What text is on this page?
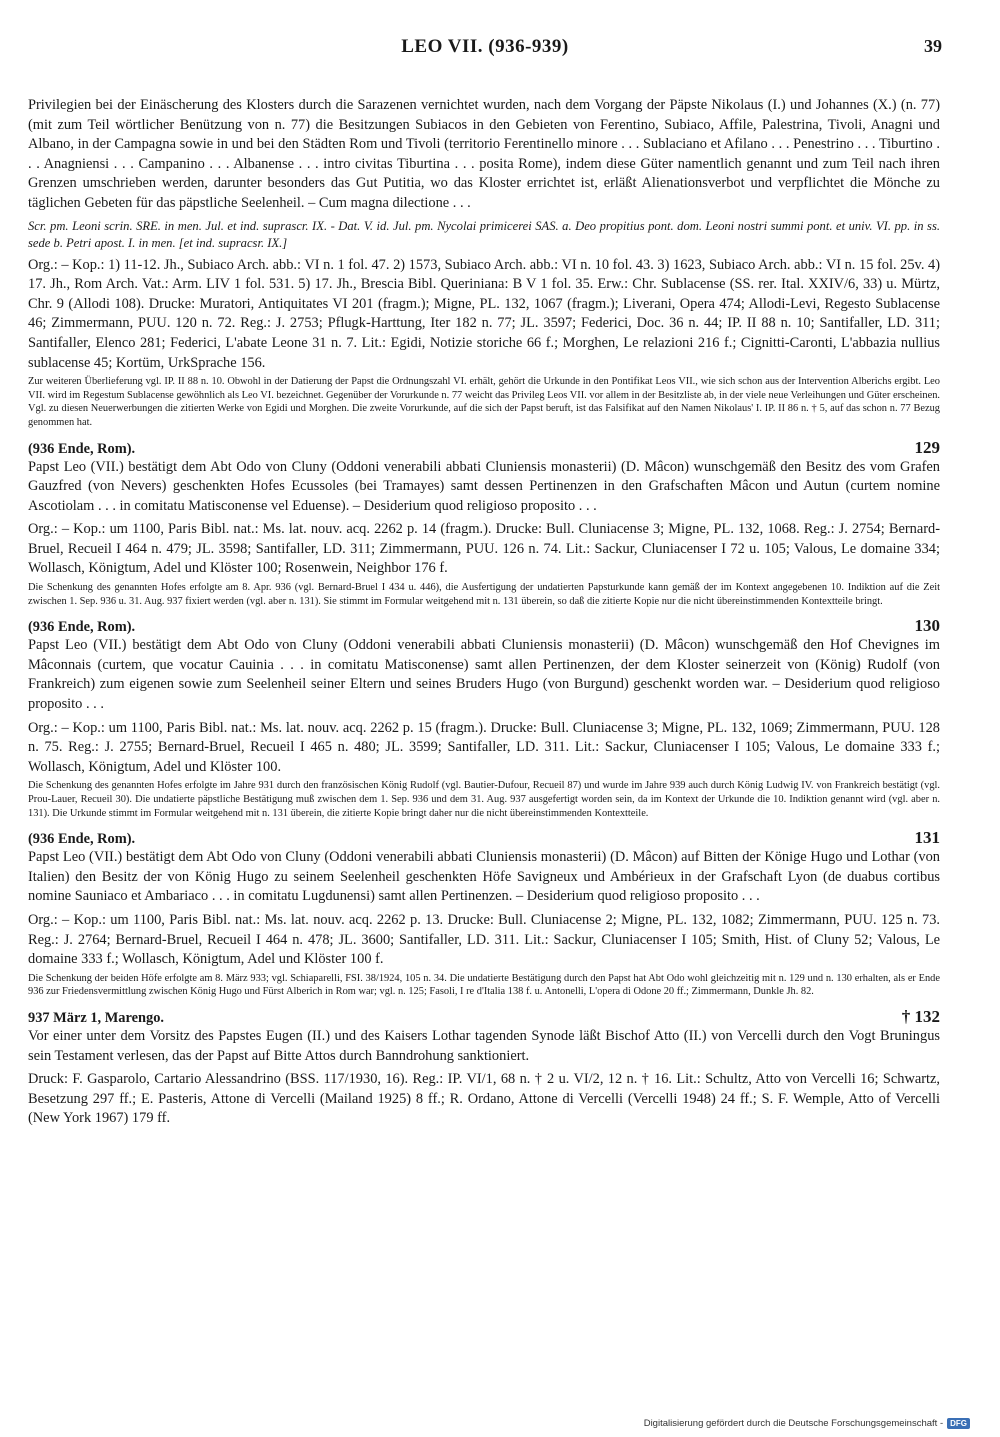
LEO VII. (936-939)	39

Privilegien bei der Einäscherung des Klosters durch die Sarazenen vernichtet wurden, nach dem Vorgang der Päpste Nikolaus (I.) und Johannes (X.) (n. 77) (mit zum Teil wörtlicher Benützung von n. 77) die Besitzungen Subiacos in den Gebieten von Ferentino, Subiaco, Affile, Palestrina, Tivoli, Anagni und Albano, in der Campagna sowie in und bei den Städten Rom und Tivoli (territorio Ferentinello minore . . . Sublaciano et Afilano . . . Penestrino . . . Tiburtino . . . Anagniensi . . . Campanino . . . Albanense . . . intro civitas Tiburtina . . . posita Rome), indem diese Güter namentlich genannt und zum Teil nach ihren Grenzen umschrieben werden, darunter besonders das Gut Putitia, wo das Kloster errichtet ist, erläßt Alienationsverbot und verpflichtet die Mönche zu täglichen Gebeten für das päpstliche Seelenheil. – Cum magna dilectione . . .

Scr. pm. Leoni scrin. SRE. in men. Jul. et ind. suprascr. IX. - Dat. V. id. Jul. pm. Nycolai primicerei SAS. a. Deo propitius pont. dom. Leoni nostri summi pont. et univ. VI. pp. in ss. sede b. Petri apost. I. in men. [et ind. supracsr. IX.]

Org.: – Kop.: 1) 11-12. Jh., Subiaco Arch. abb.: VI n. 1 fol. 47. 2) 1573, Subiaco Arch. abb.: VI n. 10 fol. 43. 3) 1623, Subiaco Arch. abb.: VI n. 15 fol. 25v. 4) 17. Jh., Rom Arch. Vat.: Arm. LIV 1 fol. 531. 5) 17. Jh., Brescia Bibl. Queriniana: B V 1 fol. 35. Erw.: Chr. Sublacense (SS. rer. Ital. XXIV/6, 33) u. Mürtz, Chr. 9 (Allodi 108). Drucke: Muratori, Antiquitates VI 201 (fragm.); Migne, PL. 132, 1067 (fragm.); Liverani, Opera 474; Allodi-Levi, Regesto Sublacense 46; Zimmermann, PUU. 120 n. 72. Reg.: J. 2753; Pflugk-Harttung, Iter 182 n. 77; JL. 3597; Federici, Doc. 36 n. 44; IP. II 88 n. 10; Santifaller, LD. 311; Santifaller, Elenco 281; Federici, L'abate Leone 31 n. 7. Lit.: Egidi, Notizie storiche 66 f.; Morghen, Le relazioni 216 f.; Cignitti-Caronti, L'abbazia nullius sublacense 45; Kortüm, UrkSprache 156.

Zur weiteren Überlieferung vgl. IP. II 88 n. 10. Obwohl in der Datierung der Papst die Ordnungszahl VI. erhält, gehört die Urkunde in den Pontifikat Leos VII., wie sich schon aus der Intervention Alberichs ergibt. Leo VII. wird im Regestum Sublacense gewöhnlich als Leo VI. bezeichnet. Gegenüber der Vorurkunde n. 77 weicht das Privileg Leos VII. vor allem in der Besitzliste ab, in der viele neue Verleihungen und Güter erscheinen. Vgl. zu diesen Neuerwerbungen die zitierten Werke von Egidi und Morghen. Die zweite Vorurkunde, auf die sich der Papst beruft, ist das Falsifikat auf den Namen Nikolaus' I. IP. II 86 n. † 5, auf das schon n. 77 Bezug genommen hat.

(936 Ende, Rom).	129

Papst Leo (VII.) bestätigt dem Abt Odo von Cluny (Oddoni venerabili abbati Cluniensis monasterii) (D. Mâcon) wunschgemäß den Besitz des vom Grafen Gauzfred (von Nevers) geschenkten Hofes Ecussoles (bei Tramayes) samt dessen Pertinenzen in den Grafschaften Mâcon und Autun (curtem nomine Ascotiolam . . . in comitatu Matisconense vel Eduense). – Desiderium quod religioso proposito . . .

Org.: – Kop.: um 1100, Paris Bibl. nat.: Ms. lat. nouv. acq. 2262 p. 14 (fragm.). Drucke: Bull. Cluniacense 3; Migne, PL. 132, 1068. Reg.: J. 2754; Bernard-Bruel, Recueil I 464 n. 479; JL. 3598; Santifaller, LD. 311; Zimmermann, PUU. 126 n. 74. Lit.: Sackur, Cluniacenser I 72 u. 105; Valous, Le domaine 334; Wollasch, Königtum, Adel und Klöster 100; Rosenwein, Neighbor 176 f.

Die Schenkung des genannten Hofes erfolgte am 8. Apr. 936 (vgl. Bernard-Bruel I 434 u. 446), die Ausfertigung der undatierten Papsturkunde kann gemäß der im Kontext angegebenen 10. Indiktion auf die Zeit zwischen 1. Sep. 936 u. 31. Aug. 937 fixiert werden (vgl. aber n. 131). Sie stimmt im Formular weitgehend mit n. 131 überein, so daß die zitierte Kopie nur die nicht übereinstimmenden Kontextteile bringt.

(936 Ende, Rom).	130

Papst Leo (VII.) bestätigt dem Abt Odo von Cluny (Oddoni venerabili abbati Cluniensis monasterii) (D. Mâcon) wunschgemäß den Hof Chevignes im Mâconnais (curtem, que vocatur Cauinia . . . in comitatu Matisconense) samt allen Pertinenzen, der dem Kloster seinerzeit von (König) Rudolf (von Frankreich) zum eigenen sowie zum Seelenheil seiner Eltern und seines Bruders Hugo (von Burgund) geschenkt worden war. – Desiderium quod religioso proposito . . .

Org.: – Kop.: um 1100, Paris Bibl. nat.: Ms. lat. nouv. acq. 2262 p. 15 (fragm.). Drucke: Bull. Cluniacense 3; Migne, PL. 132, 1069; Zimmermann, PUU. 128 n. 75. Reg.: J. 2755; Bernard-Bruel, Recueil I 465 n. 480; JL. 3599; Santifaller, LD. 311. Lit.: Sackur, Cluniacenser I 105; Valous, Le domaine 333 f.; Wollasch, Königtum, Adel und Klöster 100.

Die Schenkung des genannten Hofes erfolgte im Jahre 931 durch den französischen König Rudolf (vgl. Bautier-Dufour, Recueil 87) und wurde im Jahre 939 auch durch König Ludwig IV. von Frankreich bestätigt (vgl. Prou-Lauer, Recueil 30). Die undatierte päpstliche Bestätigung muß zwischen dem 1. Sep. 936 und dem 31. Aug. 937 ausgefertigt worden sein, da im Kontext der Urkunde die 10. Indiktion genannt wird (vgl. aber n. 131). Die Urkunde stimmt im Formular weitgehend mit n. 131 überein, die zitierte Kopie bringt daher nur die nicht übereinstimmenden Kontextteile.

(936 Ende, Rom).	131

Papst Leo (VII.) bestätigt dem Abt Odo von Cluny (Oddoni venerabili abbati Cluniensis monasterii) (D. Mâcon) auf Bitten der Könige Hugo und Lothar (von Italien) den Besitz der von König Hugo zu seinem Seelenheil geschenkten Höfe Savigneux und Ambérieux in der Grafschaft Lyon (de duabus cortibus nomine Sauniaco et Ambariaco . . . in comitatu Lugdunensi) samt allen Pertinenzen. – Desiderium quod religioso proposito . . .

Org.: – Kop.: um 1100, Paris Bibl. nat.: Ms. lat. nouv. acq. 2262 p. 13. Drucke: Bull. Cluniacense 2; Migne, PL. 132, 1082; Zimmermann, PUU. 125 n. 73. Reg.: J. 2764; Bernard-Bruel, Recueil I 464 n. 478; JL. 3600; Santifaller, LD. 311. Lit.: Sackur, Cluniacenser I 105; Smith, Hist. of Cluny 52; Valous, Le domaine 333 f.; Wollasch, Königtum, Adel und Klöster 100 f.

Die Schenkung der beiden Höfe erfolgte am 8. März 933; vgl. Schiaparelli, FSI. 38/1924, 105 n. 34. Die undatierte Bestätigung durch den Papst hat Abt Odo wohl gleichzeitig mit n. 129 und n. 130 erhalten, als er Ende 936 zur Friedensvermittlung zwischen König Hugo und Fürst Alberich in Rom war; vgl. n. 125; Fasoli, I re d'Italia 138 f. u. Antonelli, L'opera di Odone 20 ff.; Zimmermann, Dunkle Jh. 82.

937 März 1, Marengo.	† 132

Vor einer unter dem Vorsitz des Papstes Eugen (II.) und des Kaisers Lothar tagenden Synode läßt Bischof Atto (II.) von Vercelli durch den Vogt Bruningus sein Testament verlesen, das der Papst auf Bitte Attos durch Banndrohung sanktioniert.

Druck: F. Gasparolo, Cartario Alessandrino (BSS. 117/1930, 16). Reg.: IP. VI/1, 68 n. † 2 u. VI/2, 12 n. † 16. Lit.: Schultz, Atto von Vercelli 16; Schwartz, Besetzung 297 ff.; E. Pasteris, Attone di Vercelli (Mailand 1925) 8 ff.; R. Ordano, Attone di Vercelli (Vercelli 1948) 24 ff.; S. F. Wemple, Atto of Vercelli (New York 1967) 179 ff.

Digitalisierung gefördert durch die Deutsche Forschungsgemeinschaft - DFG
